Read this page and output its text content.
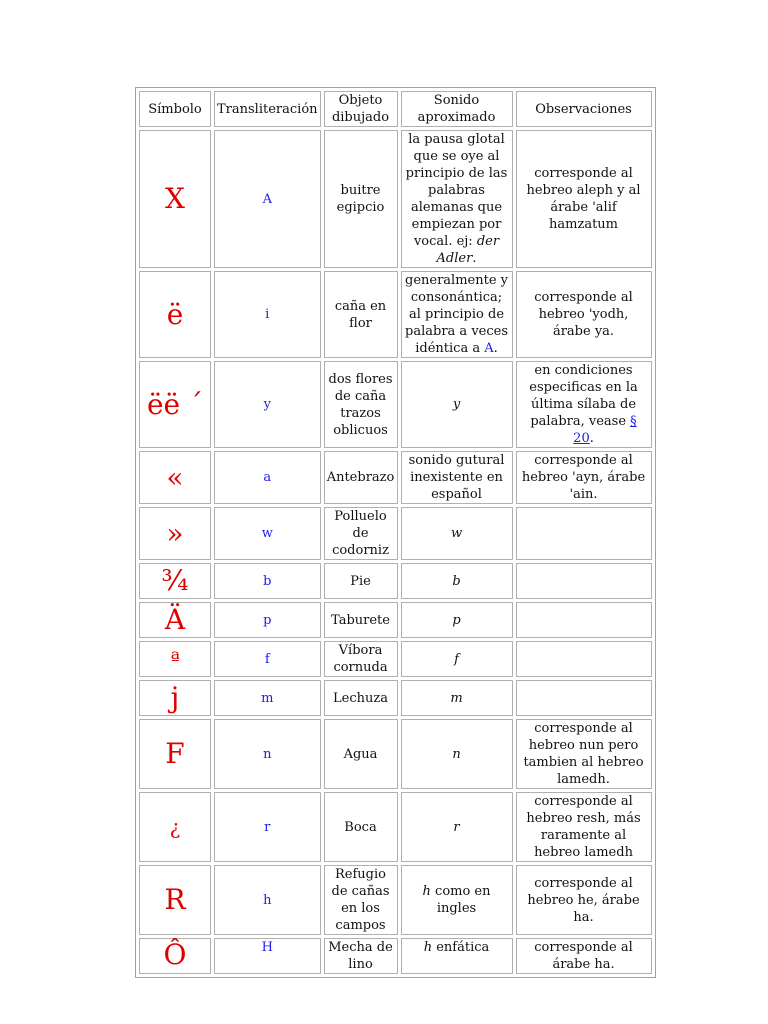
Símbolo	Transliteración	Objeto dibujado	Sonido aproximado	Observaciones
X	A	buitre egipcio	la pausa glotal que se oye al principio de las palabras alemanas que empiezan por vocal. ej: der Adler.	corresponde al hebreo aleph y al árabe 'alif hamzatum
ë	i	caña en flor	generalmente y consonántica; al principio de palabra a veces idéntica a A.	corresponde al hebreo 'yodh, árabe ya.
ëë ´	y	dos flores de caña trazos oblicuos	y	en condiciones especificas en la última sílaba de palabra, vease § 20.
«	a	Antebrazo	sonido gutural inexistente en español	corresponde al hebreo 'ayn, árabe 'ain.
»	w	Polluelo de codorniz	w	
¾	b	Pie	b	
Ä	p	Taburete	p	
ª	f	Víbora cornuda	f	
j	m	Lechuza	m	
F	n	Agua	n	corresponde al hebreo nun pero tambien al hebreo lamedh.
¿	r	Boca	r	corresponde al hebreo resh, más raramente al hebreo lamedh
R	h	Refugio de cañas en los campos	h como en ingles	corresponde al hebreo he, árabe ha.
Ô	H	Mecha de lino	h enfática	corresponde al árabe ha.
